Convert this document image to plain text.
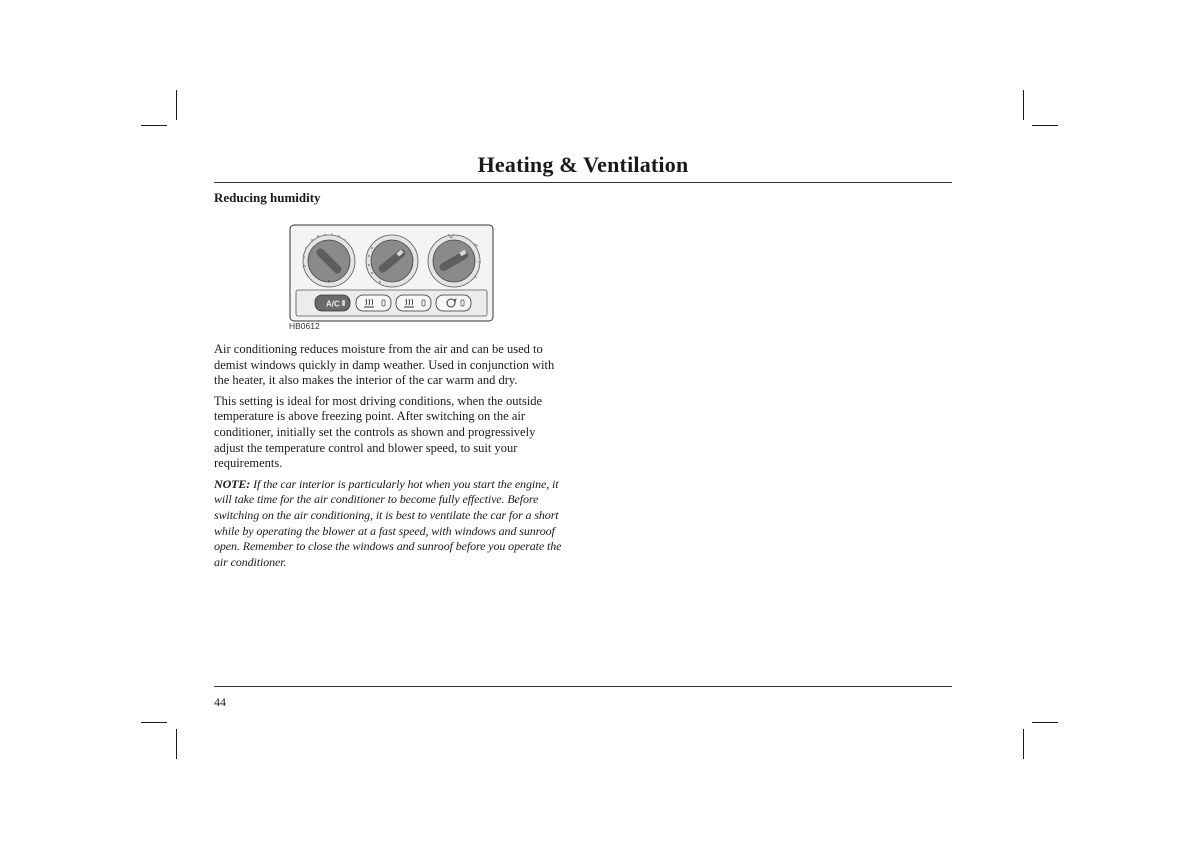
Heating & Ventilation
Reducing humidity
A/C
HB0612

Air conditioning reduces moisture from the air and can be used to demist windows quickly in damp weather. Used in conjunction with the heater, it also makes the interior of the car warm and dry.

This setting is ideal for most driving conditions, when the outside temperature is above freezing point. After switching on the air conditioner, initially set the controls as shown and progressively adjust the temperature control and blower speed, to suit your requirements.

NOTE: If the car interior is particularly hot when you start the engine, it will take time for the air conditioner to become fully effective. Before switching on the air conditioning, it is best to ventilate the car for a short while by operating the blower at a fast speed, with windows and sunroof open. Remember to close the windows and sunroof before you operate the air conditioner.

44
